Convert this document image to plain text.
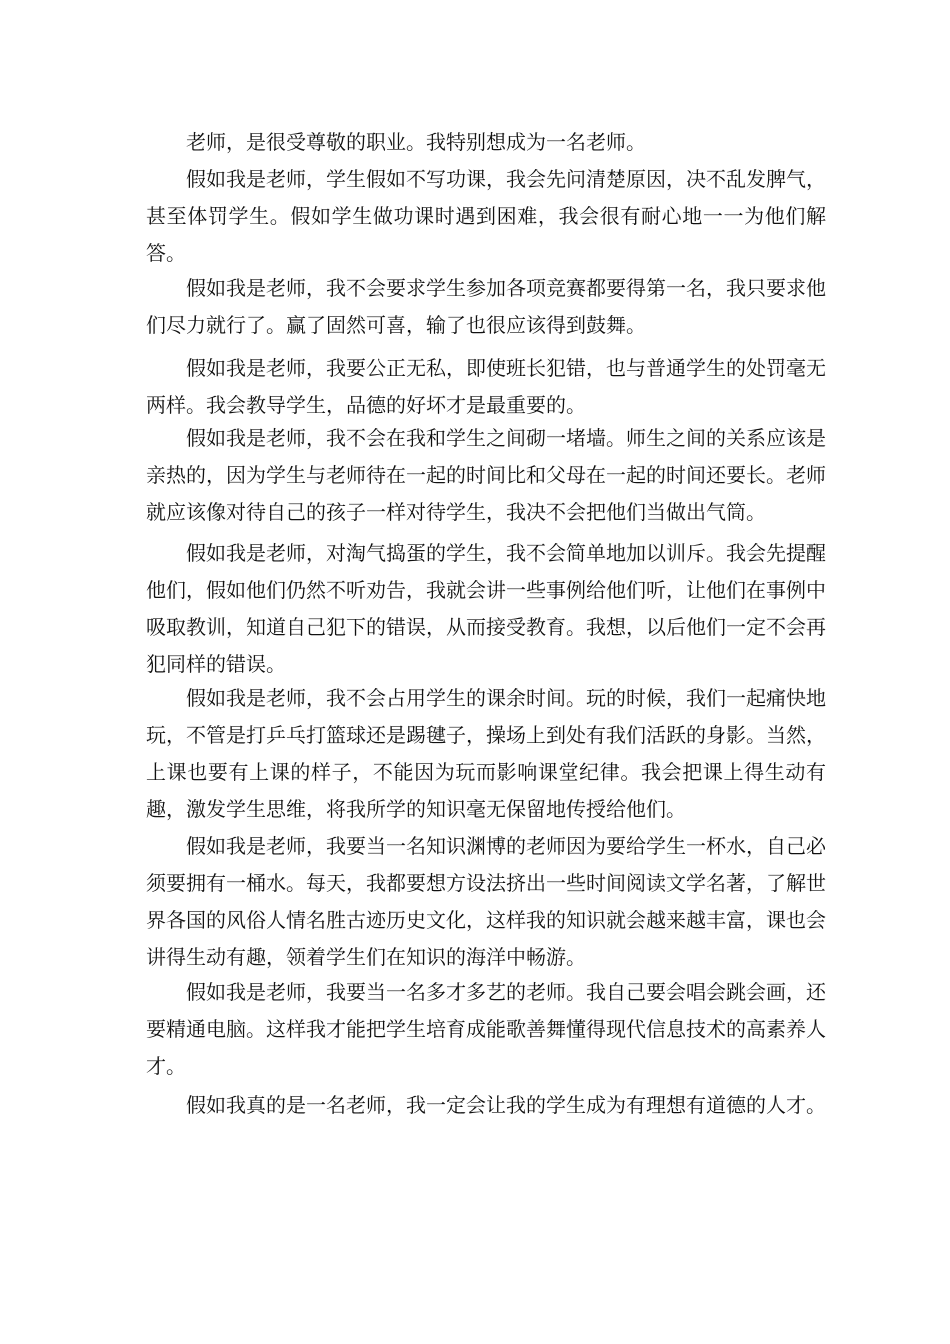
老师，是很受尊敬的职业。我特别想成为一名老师。

假如我是老师，学生假如不写功课，我会先问清楚原因，决不乱发脾气，甚至体罚学生。假如学生做功课时遇到困难，我会很有耐心地一一为他们解答。

假如我是老师，我不会要求学生参加各项竞赛都要得第一名，我只要求他们尽力就行了。赢了固然可喜，输了也很应该得到鼓舞。

假如我是老师，我要公正无私，即使班长犯错，也与普通学生的处罚毫无两样。我会教导学生，品德的好坏才是最重要的。

假如我是老师，我不会在我和学生之间砌一堵墙。师生之间的关系应该是亲热的，因为学生与老师待在一起的时间比和父母在一起的时间还要长。老师就应该像对待自己的孩子一样对待学生，我决不会把他们当做出气筒。

假如我是老师，对淘气捣蛋的学生，我不会简单地加以训斥。我会先提醒他们，假如他们仍然不听劝告，我就会讲一些事例给他们听，让他们在事例中吸取教训，知道自己犯下的错误，从而接受教育。我想，以后他们一定不会再犯同样的错误。

假如我是老师，我不会占用学生的课余时间。玩的时候，我们一起痛快地玩，不管是打乒乓打篮球还是踢毽子，操场上到处有我们活跃的身影。当然，上课也要有上课的样子，不能因为玩而影响课堂纪律。我会把课上得生动有趣，激发学生思维，将我所学的知识毫无保留地传授给他们。

假如我是老师，我要当一名知识渊博的老师因为要给学生一杯水，自己必须要拥有一桶水。每天，我都要想方设法挤出一些时间阅读文学名著，了解世界各国的风俗人情名胜古迹历史文化，这样我的知识就会越来越丰富，课也会讲得生动有趣，领着学生们在知识的海洋中畅游。

假如我是老师，我要当一名多才多艺的老师。我自己要会唱会跳会画，还要精通电脑。这样我才能把学生培育成能歌善舞懂得现代信息技术的高素养人才。

假如我真的是一名老师，我一定会让我的学生成为有理想有道德的人才。
